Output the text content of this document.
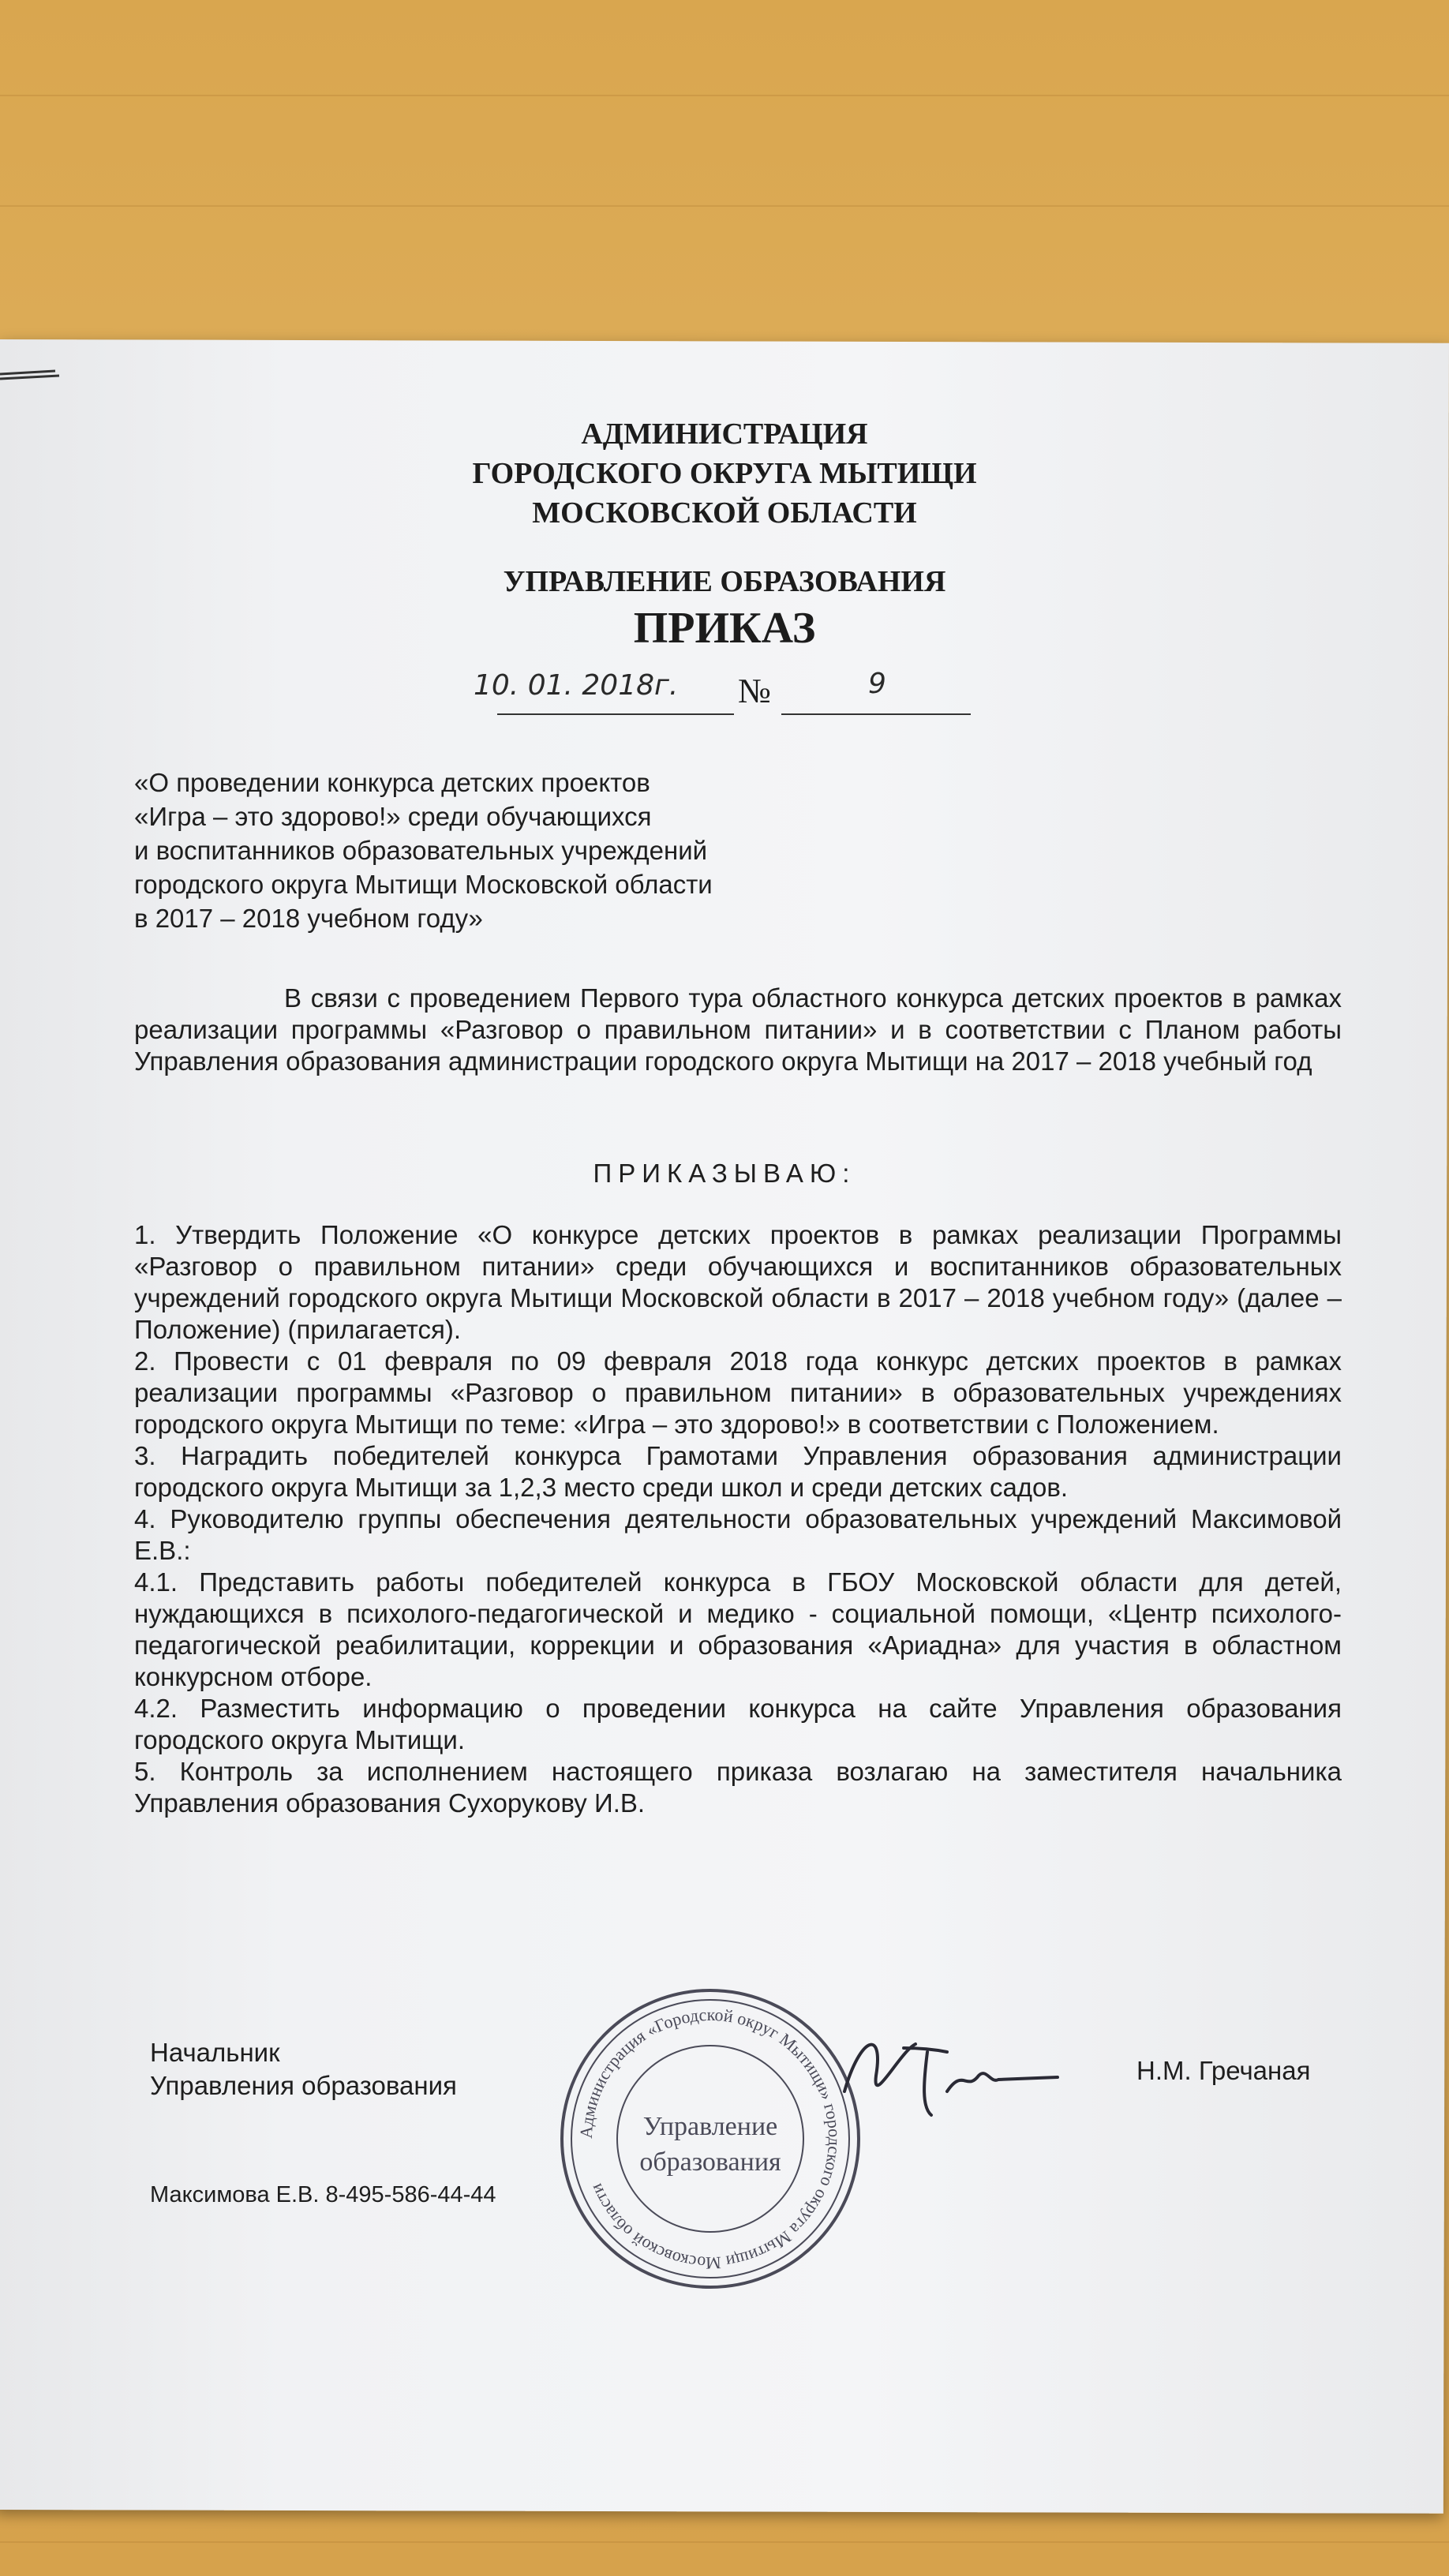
АДМИНИСТРАЦИЯ
ГОРОДСКОГО ОКРУГА МЫТИЩИ
МОСКОВСКОЙ ОБЛАСТИ
УПРАВЛЕНИЕ ОБРАЗОВАНИЯ
ПРИКАЗ
10. 01. 2018г. №	9
«О проведении конкурса детских проектов
«Игра – это здорово!» среди обучающихся
и воспитанников образовательных учреждений
городского округа Мытищи Московской области
в 2017 – 2018 учебном году»
В связи с проведением Первого тура областного конкурса детских проектов в рамках реализации программы «Разговор о правильном питании» и в соответствии с Планом работы Управления образования администрации городского округа Мытищи на 2017 – 2018 учебный год
ПРИКАЗЫВАЮ:

1. Утвердить Положение «О конкурсе детских проектов в рамках реализации Программы «Разговор о правильном питании» среди обучающихся и воспитанников образовательных учреждений городского округа Мытищи Московской области в 2017 – 2018 учебном году» (далее – Положение) (прилагается).

2. Провести с 01 февраля по 09 февраля 2018 года конкурс детских проектов в рамках реализации программы «Разговор о правильном питании» в образовательных учреждениях городского округа Мытищи по теме: «Игра – это здорово!» в соответствии с Положением.

3. Наградить победителей конкурса Грамотами Управления образования администрации городского округа Мытищи за 1,2,3 место среди школ и среди детских садов.

4. Руководителю группы обеспечения деятельности образовательных учреждений Максимовой Е.В.:

4.1. Представить работы победителей конкурса в ГБОУ Московской области для детей, нуждающихся в психолого-педагогической и медико - социальной помощи, «Центр психолого-педагогической реабилитации, коррекции и образования «Ариадна» для участия в областном конкурсном отборе.

4.2. Разместить информацию о проведении конкурса на сайте Управления образования городского округа Мытищи.

5. Контроль за исполнением настоящего приказа возлагаю на заместителя начальника Управления образования Сухорукову И.В.

Начальник
Управления образования
Администрация «Городской округ Мытищи» городского округа Мытищи Московской области
Управление
образования
Н.М. Гречаная
Максимова Е.В. 8-495-586-44-44
